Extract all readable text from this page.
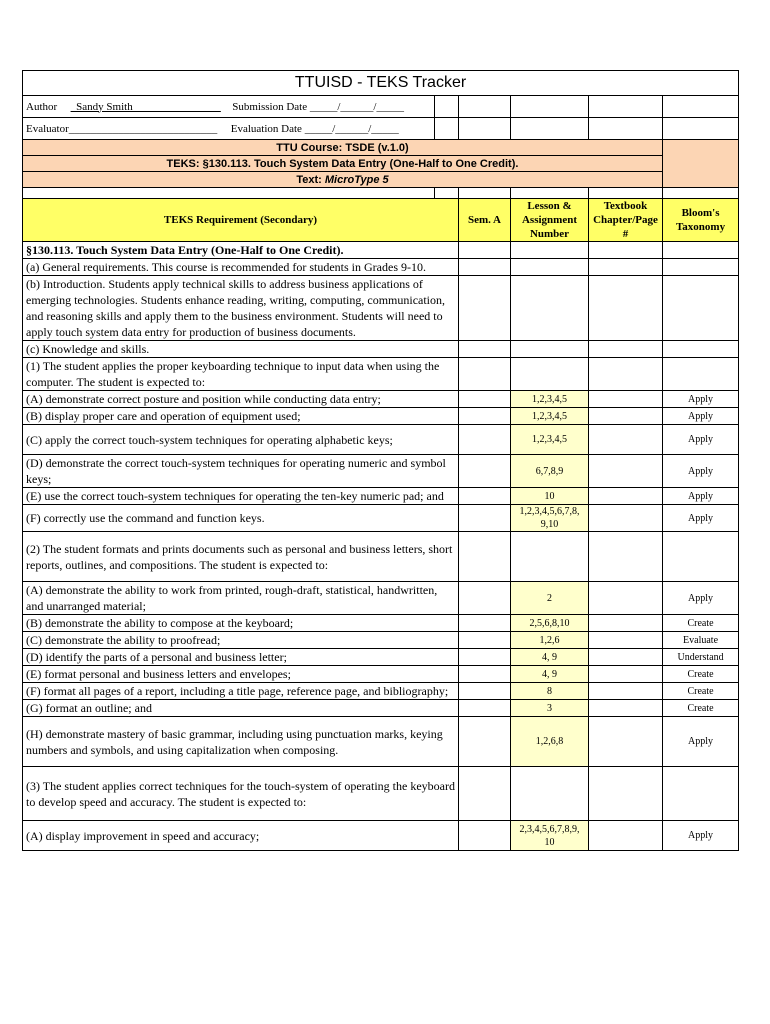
TTUISD - TEKS Tracker					
Author _Sandy Smith________________ Submission Date _____/______/_____					
Evaluator___________________________ Evaluation Date _____/______/_____					
TTU Course: TSDE (v.1.0)					
TEKS: §130.113. Touch System Data Entry (One-Half to One Credit).					
Text: MicroType 5					

TEKS Requirement (Secondary)		Sem. A	Lesson & Assignment Number	Textbook Chapter/Page #	Bloom's Taxonomy
§130.113. Touch System Data Entry (One-Half to One Credit).					
(a) General requirements. This course is recommended for students in Grades 9-10.					
(b) Introduction. Students apply technical skills to address business applications of emerging technologies. Students enhance reading, writing, computing, communication, and reasoning skills and apply them to the business environment. Students will need to apply touch system data entry for production of business documents.					
(c) Knowledge and skills.					
(1) The student applies the proper keyboarding technique to input data when using the computer. The student is expected to:					
(A) demonstrate correct posture and position while conducting data entry;			1,2,3,4,5		Apply
(B) display proper care and operation of equipment used;			1,2,3,4,5		Apply
(C) apply the correct touch-system techniques for operating alphabetic keys;			1,2,3,4,5		Apply
(D) demonstrate the correct touch-system techniques for operating numeric and symbol keys;			6,7,8,9		Apply
(E) use the correct touch-system techniques for operating the ten-key numeric pad; and			10		Apply
(F) correctly use the command and function keys.			1,2,3,4,5,6,7,8, 9,10		Apply
(2) The student formats and prints documents such as personal and business letters, short reports, outlines, and compositions. The student is expected to:					
(A) demonstrate the ability to work from printed, rough-draft, statistical, handwritten, and unarranged material;			2		Apply
(B) demonstrate the ability to compose at the keyboard;			2,5,6,8,10		Create
(C) demonstrate the ability to proofread;			1,2,6		Evaluate
(D) identify the parts of a personal and business letter;			4, 9		Understand
(E) format personal and business letters and envelopes;			4, 9		Create
(F) format all pages of a report, including a title page, reference page, and bibliography;			8		Create
(G) format an outline; and			3		Create
(H) demonstrate mastery of basic grammar, including using punctuation marks, keying numbers and symbols, and using capitalization when composing.			1,2,6,8		Apply
(3) The student applies correct techniques for the touch-system of operating the keyboard to develop speed and accuracy. The student is expected to:					
(A) display improvement in speed and accuracy;			2,3,4,5,6,7,8,9, 10		Apply
